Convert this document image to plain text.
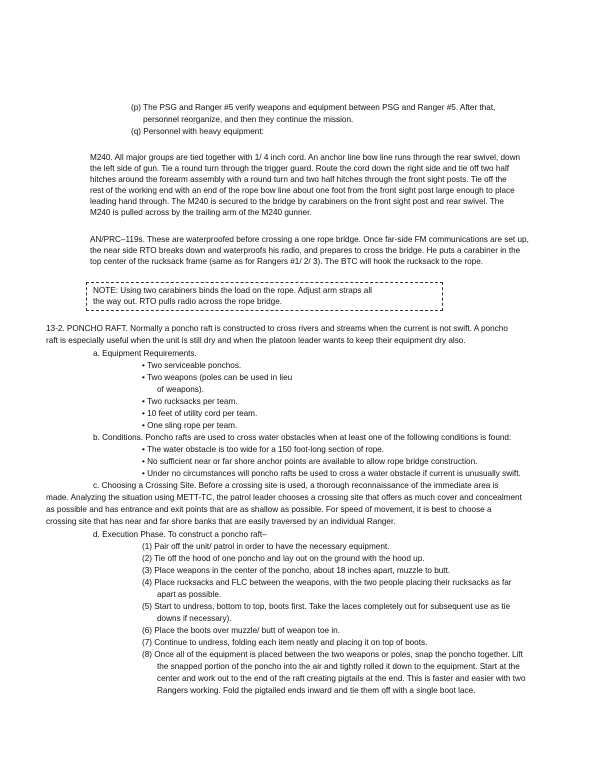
(p) The PSG and Ranger #5 verify weapons and equipment between PSG and Ranger #5. After that,
personnel reorganize, and then they continue the mission.
(q) Personnel with heavy equipment:
M240. All major groups are tied together with 1/ 4 inch cord. An anchor line bow line runs through the rear swivel, down
the left side of gun. Tie a round turn through the trigger guard. Route the cord down the right side and tie off two half
hitches around the forearm assembly with a round turn and two half hitches through the front sight posts. Tie off the
rest of the working end with an end of the rope bow line about one foot from the front sight post large enough to place
leading hand through. The M240 is secured to the bridge by carabiners on the front sight post and rear swivel. The
M240 is pulled across by the trailing arm of the M240 gunner.
AN/PRC–119s. These are waterproofed before crossing a one rope bridge. Once far-side FM communications are set up,
the near side RTO breaks down and waterproofs his radio, and prepares to cross the bridge. He puts a carabiner in the
top center of the rucksack frame (same as for Rangers #1/ 2/ 3). The BTC will hook the rucksack to the rope.
NOTE: Using two carabiners binds the load on the rope. Adjust arm straps all
the way out. RTO pulls radio across the rope bridge.
13-2. PONCHO RAFT. Normally a poncho raft is constructed to cross rivers and streams when the current is not swift. A poncho
raft is especially useful when the unit is still dry and when the platoon leader wants to keep their equipment dry also.
a. Equipment Requirements.
• Two serviceable ponchos.
• Two weapons (poles can be used in lieu
of weapons).
• Two rucksacks per team.
• 10 feet of utility cord per team.
• One sling rope per team.
b. Conditions. Poncho rafts are used to cross water obstacles when at least one of the following conditions is found:
• The water obstacle is too wide for a 150 foot-long section of rope.
• No sufficient near or far shore anchor points are available to allow rope bridge construction.
• Under no circumstances will poncho rafts be used to cross a water obstacle if current is unusually swift.
c. Choosing a Crossing Site. Before a crossing site is used, a thorough reconnaissance of the immediate area is
made. Analyzing the situation using METT-TC, the patrol leader chooses a crossing site that offers as much cover and concealment
as possible and has entrance and exit points that are as shallow as possible. For speed of movement, it is best to choose a
crossing site that has near and far shore banks that are easily traversed by an individual Ranger.
d. Execution Phase. To construct a poncho raft–
(1) Pair off the unit/ patrol in order to have the necessary equipment.
(2) Tie off the hood of one poncho and lay out on the ground with the hood up.
(3) Place weapons in the center of the poncho, about 18 inches apart, muzzle to butt.
(4) Place rucksacks and FLC between the weapons, with the two people placing their rucksacks as far
apart as possible.
(5) Start to undress, bottom to top, boots first. Take the laces completely out for subsequent use as tie
downs if necessary).
(6) Place the boots over muzzle/ butt of weapon toe in.
(7) Continue to undress, folding each item neatly and placing it on top of boots.
(8) Once all of the equipment is placed between the two weapons or poles, snap the poncho together. Lift
the snapped portion of the poncho into the air and tightly rolled it down to the equipment. Start at the
center and work out to the end of the raft creating pigtails at the end. This is faster and easier with two
Rangers working. Fold the pigtailed ends inward and tie them off with a single boot lace.
